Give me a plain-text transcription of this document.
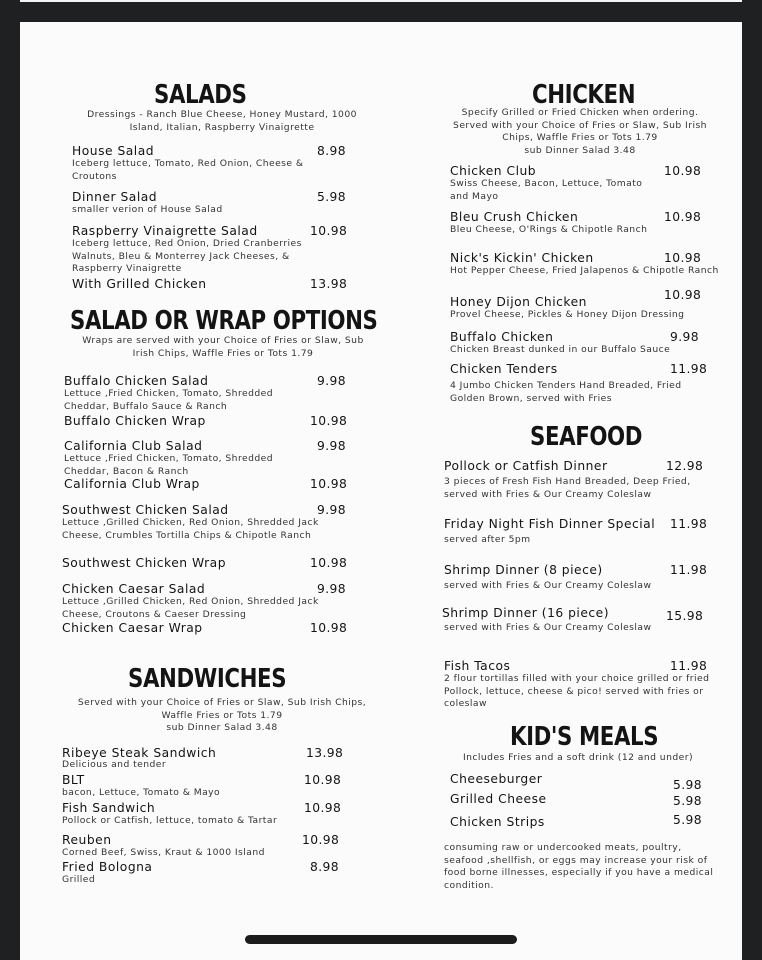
SALADS
Dressings - Ranch Blue Cheese, Honey Mustard, 1000 Island, Italian, Raspberry Vinaigrette
House Salad	8.98
Iceberg lettuce, Tomato, Red Onion, Cheese & Croutons
Dinner Salad	5.98
smaller verion of House Salad
Raspberry Vinaigrette Salad	10.98
Iceberg lettuce, Red Onion, Dried Cranberries Walnuts, Bleu & Monterrey Jack Cheeses, & Raspberry Vinaigrette
With Grilled Chicken	13.98
SALAD OR WRAP OPTIONS
Wraps are served with your Choice of Fries or Slaw, Sub Irish Chips, Waffle Fries or Tots 1.79
Buffalo Chicken Salad	9.98
Lettuce ,Fried Chicken, Tomato, Shredded Cheddar, Buffalo Sauce & Ranch
Buffalo Chicken Wrap	10.98
California Club Salad	9.98
Lettuce ,Fried Chicken, Tomato, Shredded Cheddar, Bacon & Ranch
California Club Wrap	10.98
Southwest Chicken Salad	9.98
Lettuce ,Grilled Chicken, Red Onion, Shredded Jack Cheese, Crumbles Tortilla Chips & Chipotle Ranch
Southwest Chicken Wrap	10.98
Chicken Caesar Salad	9.98
Lettuce ,Grilled Chicken, Red Onion, Shredded Jack Cheese, Croutons & Caeser Dressing
Chicken Caesar Wrap	10.98
SANDWICHES
Served with your Choice of Fries or Slaw, Sub Irish Chips, Waffle Fries or Tots 1.79
sub Dinner Salad 3.48
Ribeye Steak Sandwich	13.98
Delicious and tender
BLT	10.98
bacon, Lettuce, Tomato & Mayo
Fish Sandwich	10.98
Pollock or Catfish, lettuce, tomato & Tartar
Reuben	10.98
Corned Beef, Swiss, Kraut & 1000 Island
Fried Bologna	8.98
Grilled
CHICKEN
Specify Grilled or Fried Chicken when ordering. Served with your Choice of Fries or Slaw, Sub Irish Chips, Waffle Fries or Tots 1.79
sub Dinner Salad 3.48
Chicken Club	10.98
Swiss Cheese, Bacon, Lettuce, Tomato and Mayo
Bleu Crush Chicken	10.98
Bleu Cheese, O'Rings & Chipotle Ranch
Nick's Kickin' Chicken	10.98
Hot Pepper Cheese, Fried Jalapenos & Chipotle Ranch
Honey Dijon Chicken	10.98
Provel Cheese, Pickles & Honey Dijon Dressing
Buffalo Chicken	9.98
Chicken Breast dunked in our Buffalo Sauce
Chicken Tenders	11.98
4 Jumbo Chicken Tenders Hand Breaded, Fried Golden Brown, served with Fries
SEAFOOD
Pollock or Catfish Dinner	12.98
3 pieces of Fresh Fish Hand Breaded, Deep Fried, served with Fries & Our Creamy Coleslaw
Friday Night Fish Dinner Special 11.98
served after 5pm
Shrimp Dinner (8 piece)	11.98
served with Fries & Our Creamy Coleslaw
Shrimp Dinner (16 piece)	15.98
served with Fries & Our Creamy Coleslaw
Fish Tacos	11.98
2 flour tortillas filled with your choice grilled or fried Pollock, lettuce, cheese & pico! served with fries or coleslaw
KID'S MEALS
Includes Fries and a soft drink (12 and under)
Cheeseburger	5.98
Grilled Cheese	5.98
Chicken Strips	5.98
consuming raw or undercooked meats, poultry, seafood ,shellfish, or eggs may increase your risk of food borne illnesses, especially if you have a medical condition.
